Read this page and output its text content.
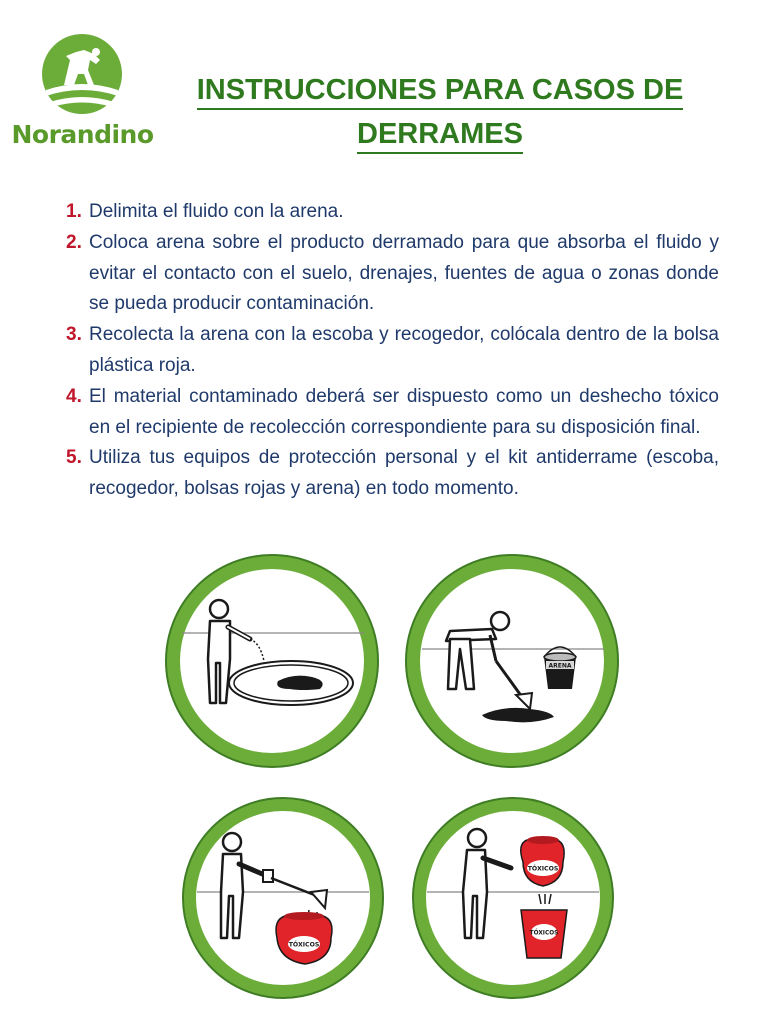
Norandino
INSTRUCCIONES PARA CASOS DE
DERRAMES
1. Delimita el fluido con la arena.
2. Coloca arena sobre el producto derramado para que absorba el fluido y evitar el contacto con el suelo, drenajes, fuentes de agua o zonas donde se pueda producir contaminación.
3. Recolecta la arena con la escoba y recogedor, colócala dentro de la bolsa plástica roja.
4. El material contaminado deberá ser dispuesto como un deshecho tóxico en el recipiente de recolección correspondiente para su disposición final.
5. Utiliza tus equipos de protección personal y el kit antiderrame (escoba, recogedor, bolsas rojas y arena) en todo momento.
ARENA
TÓXICOS
TÓXICOS
TÓXICOS
